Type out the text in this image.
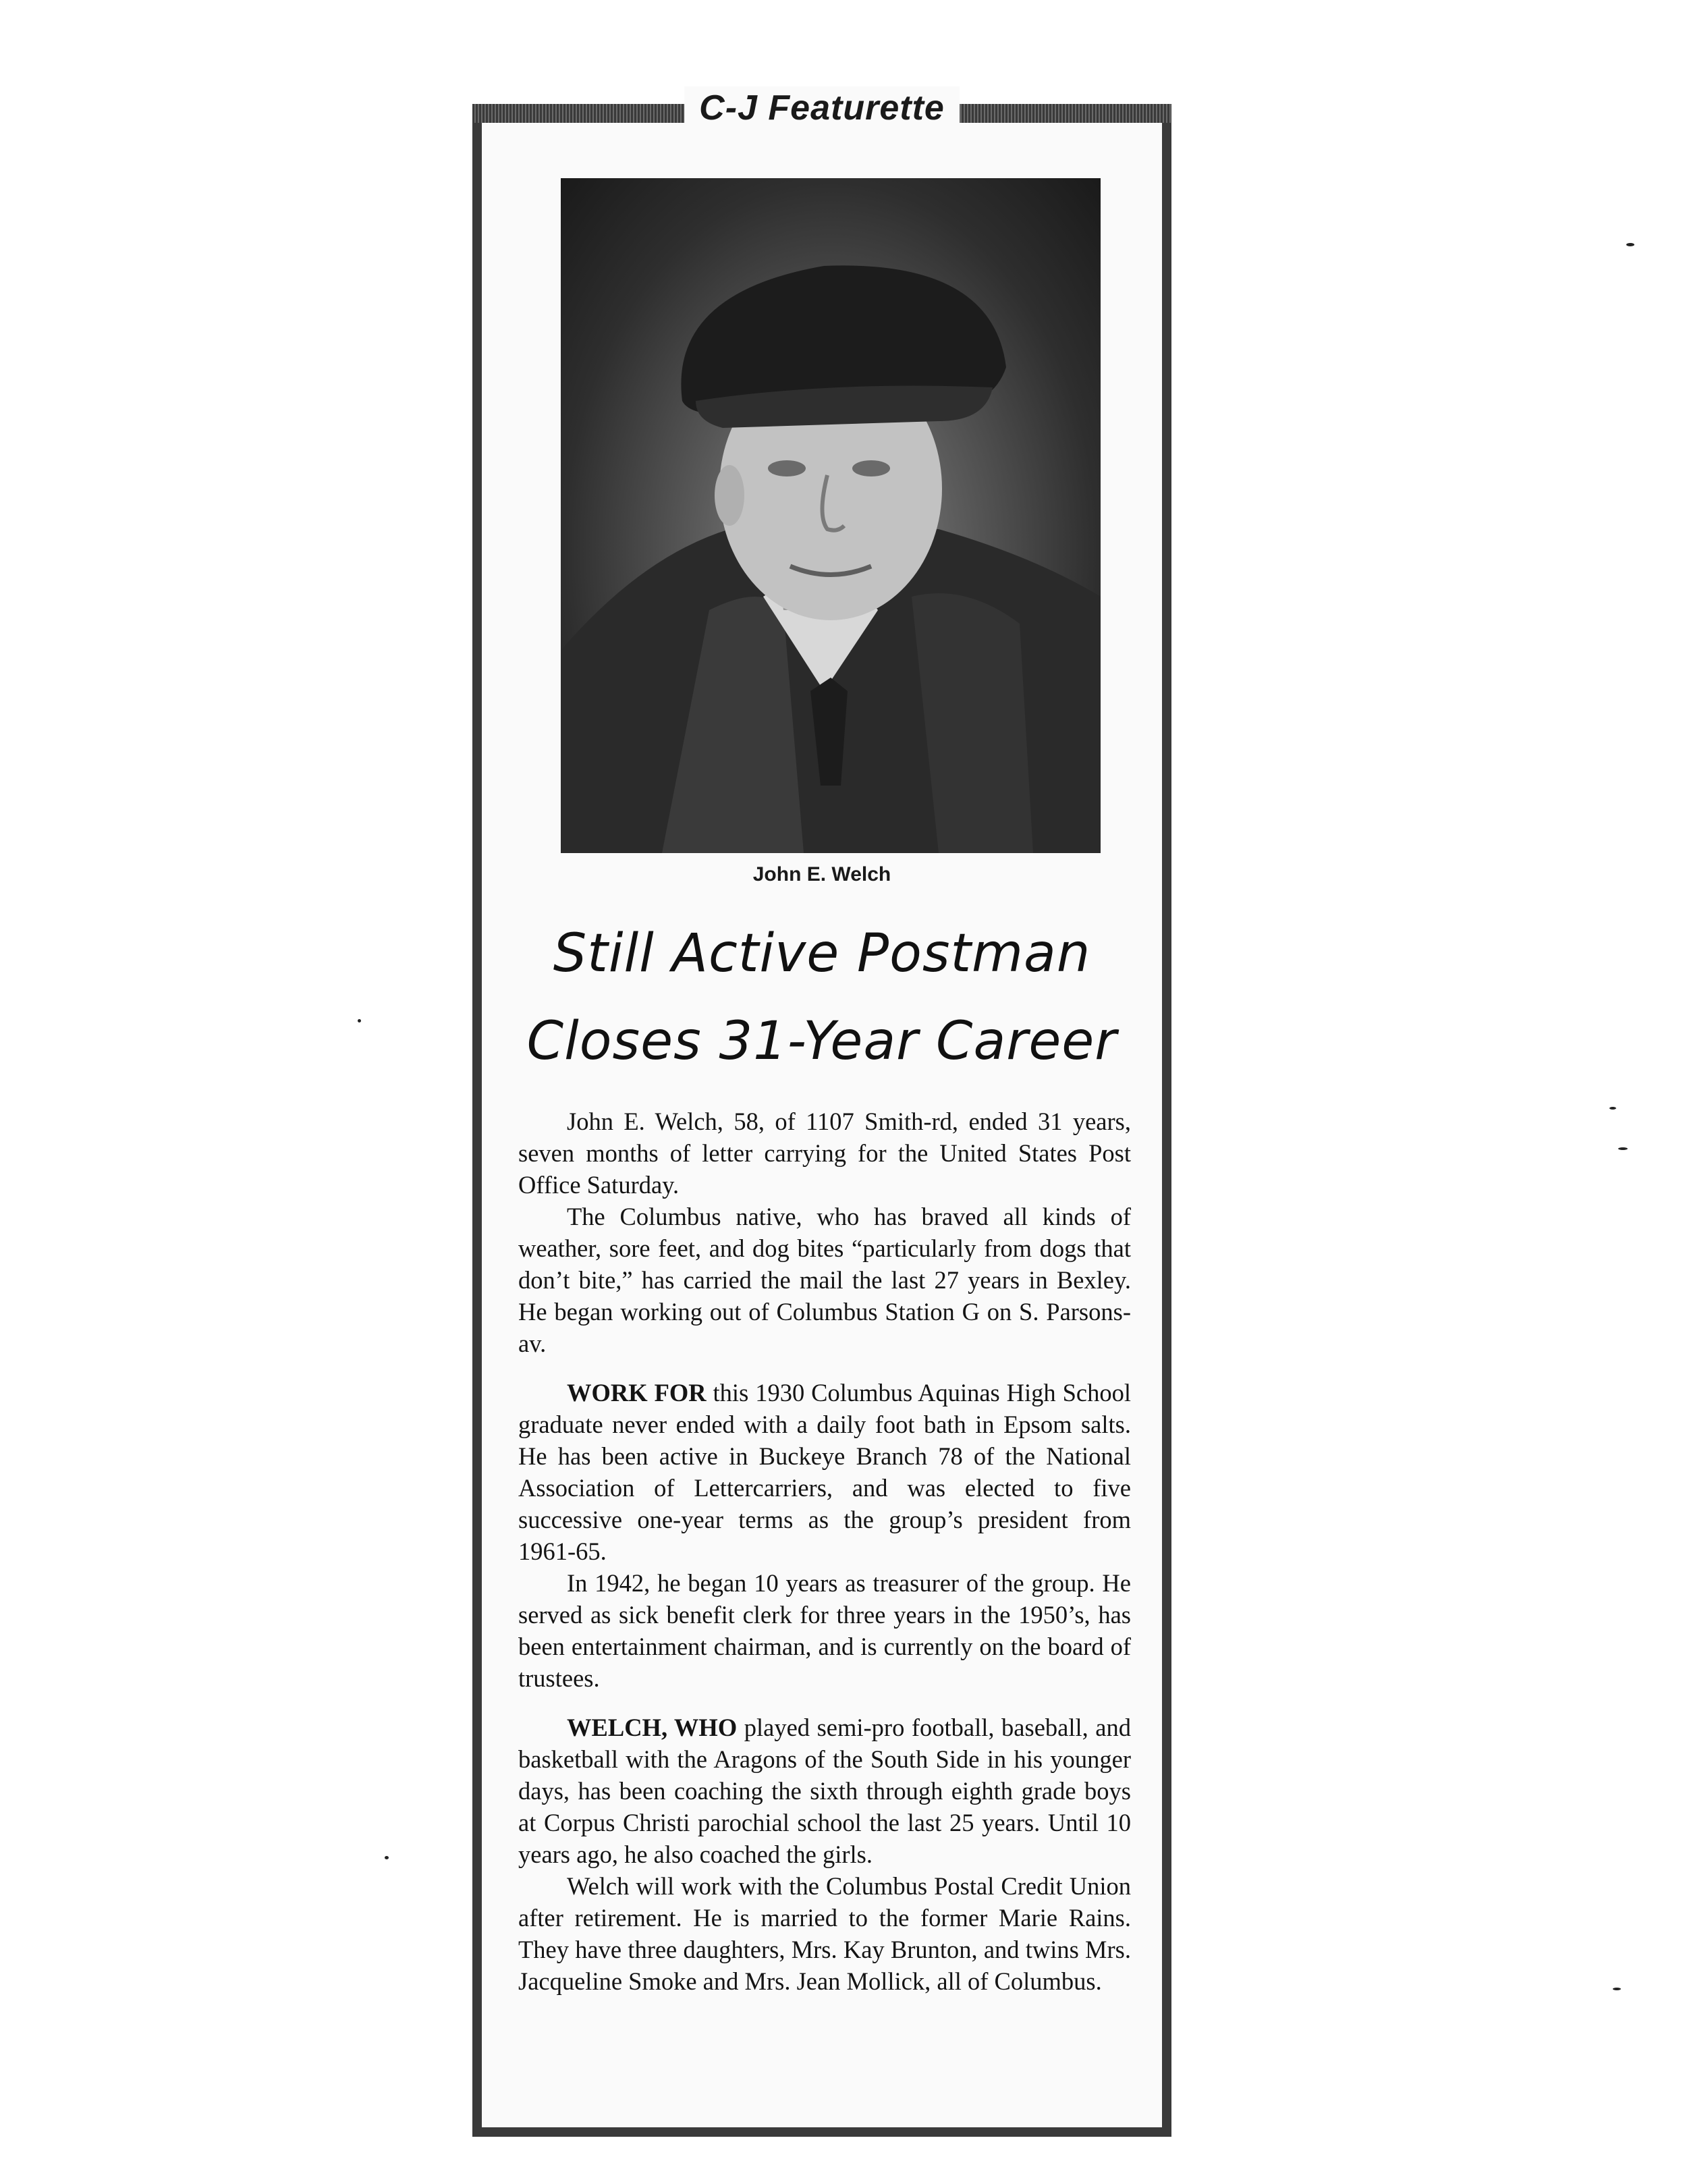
C-J Featurette
John E. Welch
Still Active Postman
Closes 31-Year Career

John E. Welch, 58, of 1107 Smith-rd, ended 31 years, seven months of letter carrying for the United States Post Office Saturday.

The Columbus native, who has braved all kinds of weather, sore feet, and dog bites “particularly from dogs that don’t bite,” has carried the mail the last 27 years in Bexley. He began working out of Columbus Station G on S. Parsons-av.

WORK FOR this 1930 Columbus Aquinas High School graduate never ended with a daily foot bath in Epsom salts. He has been active in Buckeye Branch 78 of the National Association of Lettercarriers, and was elected to five successive one-year terms as the group’s president from 1961-65.

In 1942, he began 10 years as treasurer of the group. He served as sick benefit clerk for three years in the 1950’s, has been entertainment chairman, and is currently on the board of trustees.

WELCH, WHO played semi-pro football, baseball, and basketball with the Aragons of the South Side in his younger days, has been coaching the sixth through eighth grade boys at Corpus Christi parochial school the last 25 years. Until 10 years ago, he also coached the girls.

Welch will work with the Columbus Postal Credit Union after retirement. He is married to the former Marie Rains. They have three daughters, Mrs. Kay Brunton, and twins Mrs. Jacqueline Smoke and Mrs. Jean Mollick, all of Columbus.
